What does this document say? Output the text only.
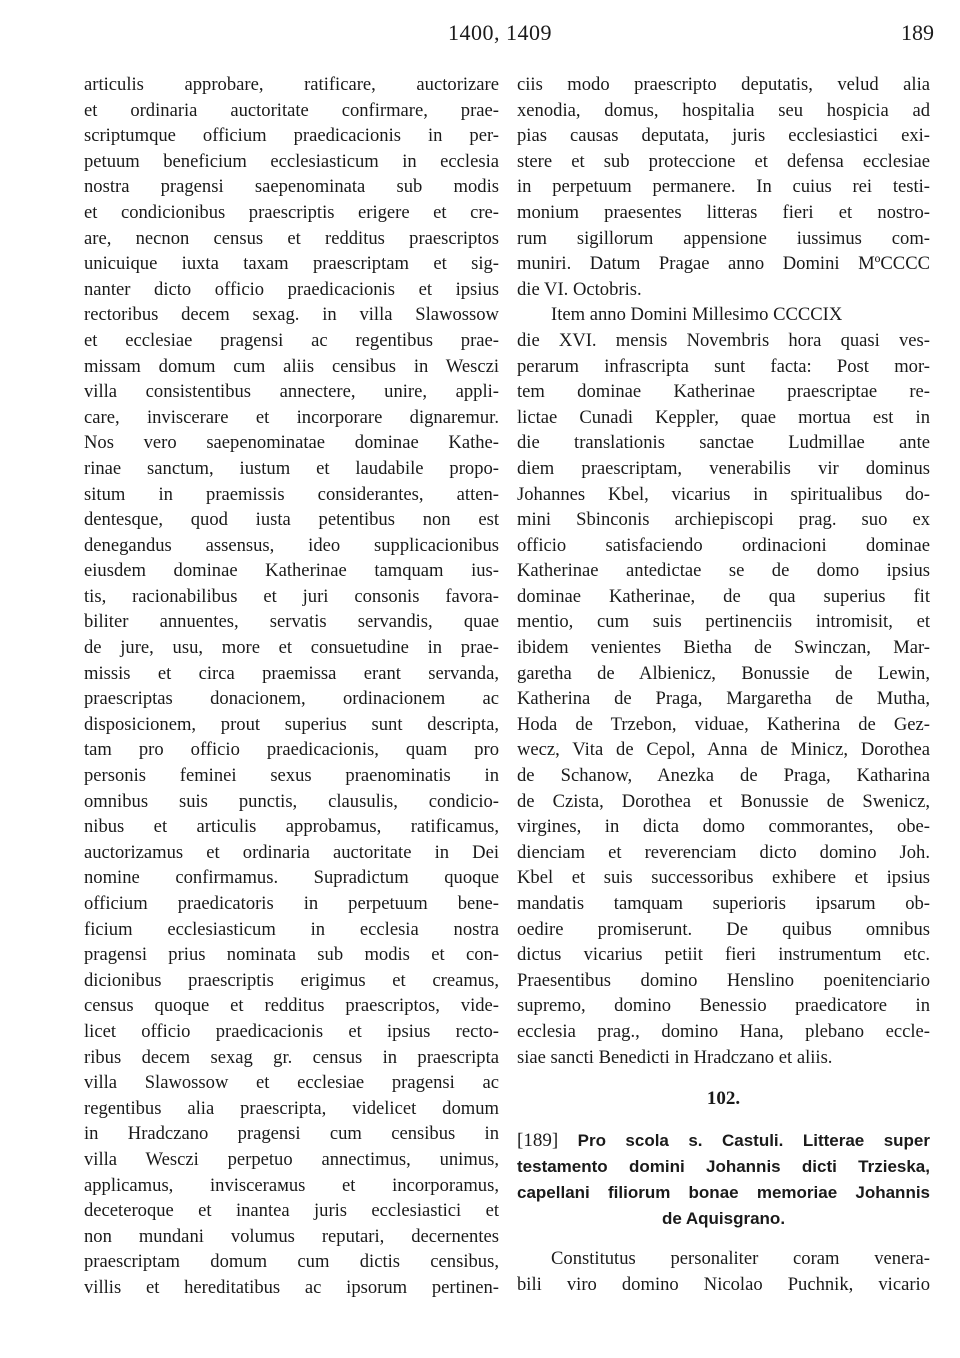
1400, 1409	189
articulis approbare, ratificare, auctorizare
et ordinaria auctoritate confirmare, prae-
scriptumque officium praedicacionis in per-
petuum beneficium ecclesiasticum in ecclesia
nostra pragensi saepenominata sub modis
et condicionibus praescriptis erigere et cre-
are, necnon census et redditus praescriptos
unicuique iuxta taxam praescriptam et sig-
nanter dicto officio praedicacionis et ipsius
rectoribus decem sexag. in villa Slawossow
et ecclesiae pragensi ac regentibus prae-
missam domum cum aliis censibus in Wesczi
villa consistentibus annectere, unire, appli-
care, inviscerare et incorporare dignaremur.
Nos vero saepenominatae dominae Kathe-
rinae sanctum, iustum et laudabile propo-
situm in praemissis considerantes, atten-
dentesque, quod iusta petentibus non est
denegandus assensus, ideo supplicacionibus
eiusdem dominae Katherinae tamquam ius-
tis, racionabilibus et juri consonis favora-
biliter annuentes, servatis servandis, quae
de jure, usu, more et consuetudine in prae-
missis et circa praemissa erant servanda,
praescriptas donacionem, ordinacionem ac
disposicionem, prout superius sunt descripta,
tam pro officio praedicacionis, quam pro
personis feminei sexus praenominatis in
omnibus suis punctis, clausulis, condicio-
nibus et articulis approbamus, ratificamus,
auctorizamus et ordinaria auctoritate in Dei
nomine confirmamus. Supradictum quoque
officium praedicatoris in perpetuum bene-
ficium ecclesiasticum in ecclesia nostra
pragensi prius nominata sub modis et con-
dicionibus praescriptis erigimus et creamus,
census quoque et redditus praescriptos, vide-
licet officio praedicacionis et ipsius recto-
ribus decem sexag gr. census in praescripta
villa Slawossow et ecclesiae pragensi ac
regentibus alia praescripta, videlicet domum
in Hradczano pragensi cum censibus in
villa Wesczi perpetuo annectimus, unimus,
applicamus, inviscerамus et incorporamus,
deceteroque et inantea juris ecclesiastici et
non mundani volumus reputari, decernentes
praescriptam domum cum dictis censibus,
villis et hereditatibus ac ipsorum pertinen-
ciis modo praescripto deputatis, velud alia
xenodia, domus, hospitalia seu hospicia ad
pias causas deputata, juris ecclesiastici exi-
stere et sub proteccione et defensa ecclesiae
in perpetuum permanere. In cuius rei testi-
monium praesentes litteras fieri et nostro-
rum sigillorum appensione iussimus com-
muniri. Datum Pragae anno Domini MºCCCC
die VI. Octobris.
Item anno Domini Millesimo CCCCIX
die XVI. mensis Novembris hora quasi ves-
perarum infrascripta sunt facta: Post mor-
tem dominae Katherinae praescriptae re-
lictae Cunadi Keppler, quae mortua est in
die translationis sanctae Ludmillae ante
diem praescriptam, venerabilis vir dominus
Johannes Kbel, vicarius in spiritualibus do-
mini Sbinconis archiepiscopi prag. suo ex
officio satisfaciendo ordinacioni dominae
Katherinae antedictae se de domo ipsius
dominae Katherinae, de qua superius fit
mentio, cum suis pertinenciis intromisit, et
ibidem venientes Bietha de Swinczan, Mar-
garetha de Albienicz, Bonussie de Lewin,
Katherina de Praga, Margaretha de Mutha,
Hoda de Trzebon, viduae, Katherina de Gez-
wecz, Vita de Cepol, Anna de Minicz, Dorothea
de Schanow, Anezka de Praga, Katharina
de Czista, Dorothea et Bonussie de Swenicz,
virgines, in dicta domo commorantes, obe-
dienciam et reverenciam dicto domino Joh.
Kbel et suis successoribus exhibere et ipsius
mandatis tamquam superioris ipsarum ob-
oedire promiserunt. De quibus omnibus
dictus vicarius petiit fieri instrumentum etc.
Praesentibus domino Henslino poenitenciario
supremo, domino Benessio praedicatore in
ecclesia prag., domino Hana, plebano eccle-
siae sancti Benedicti in Hradczano et aliis.
102.
[189] Pro scola s. Castuli. Litterae super
testamento domini Johannis dicti Trzieska,
capellani filiorum bonae memoriae Johannis
de Aquisgrano.
Constitutus personaliter coram venera-
bili viro domino Nicolao Puchnik, vicario
